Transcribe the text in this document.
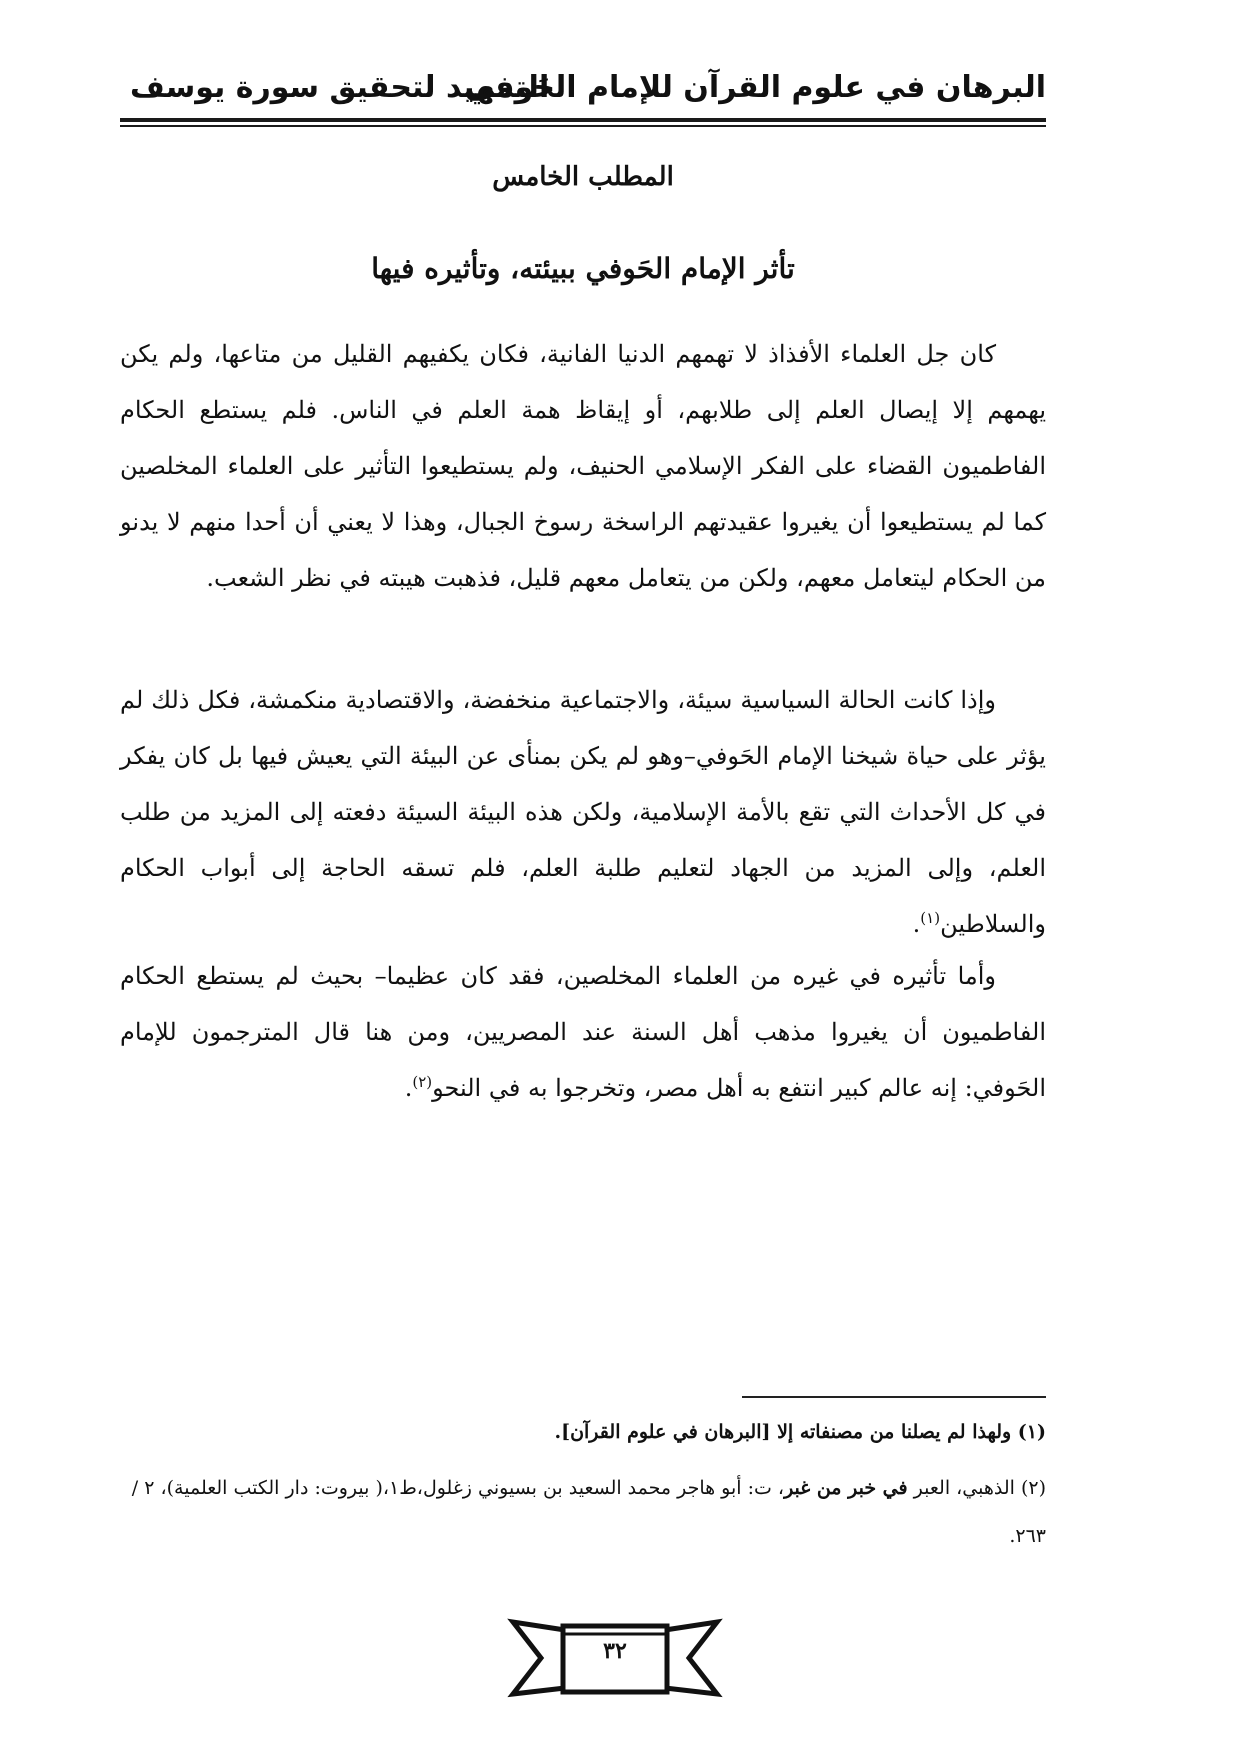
البرهان في علوم القرآن للإمام الحَوفي
التمهيد لتحقيق سورة يوسف
المطلب الخامس
تأثر الإمام الحَوفي ببيئته، وتأثيره فيها

كان جل العلماء الأفذاذ لا تهمهم الدنيا الفانية، فكان يكفيهم القليل من متاعها، ولم يكن يهمهم إلا إيصال العلم إلى طلابهم، أو إيقاظ همة العلم في الناس. فلم يستطع الحكام الفاطميون القضاء على الفكر الإسلامي الحنيف، ولم يستطيعوا التأثير على العلماء المخلصين كما لم يستطيعوا أن يغيروا عقيدتهم الراسخة رسوخ الجبال، وهذا لا يعني أن أحدا منهم لا يدنو من الحكام ليتعامل معهم، ولكن من يتعامل معهم قليل، فذهبت هيبته في نظر الشعب.

وإذا كانت الحالة السياسية سيئة، والاجتماعية منخفضة، والاقتصادية منكمشة، فكل ذلك لم يؤثر على حياة شيخنا الإمام الحَوفي–وهو لم يكن بمنأى عن البيئة التي يعيش فيها بل كان يفكر في كل الأحداث التي تقع بالأمة الإسلامية، ولكن هذه البيئة السيئة دفعته إلى المزيد من طلب العلم، وإلى المزيد من الجهاد لتعليم طلبة العلم، فلم تسقه الحاجة إلى أبواب الحكام والسلاطين$^{(١)}$.

وأما تأثيره في غيره من العلماء المخلصين، فقد كان عظيما– بحيث لم يستطع الحكام الفاطميون أن يغيروا مذهب أهل السنة عند المصريين، ومن هنا قال المترجمون للإمام الحَوفي: إنه عالم كبير انتفع به أهل مصر، وتخرجوا به في النحو$^{(٢)}$.

(١) ولهذا لم يصلنا من مصنفاته إلا [البرهان في علوم القرآن].
(٢) الذهبي، العبر في خبر من غبر، ت: أبو هاجر محمد السعيد بن بسيوني زغلول،ط١،( بيروت: دار الكتب العلمية)، ٢ / ٢٦٣.
٣٢
